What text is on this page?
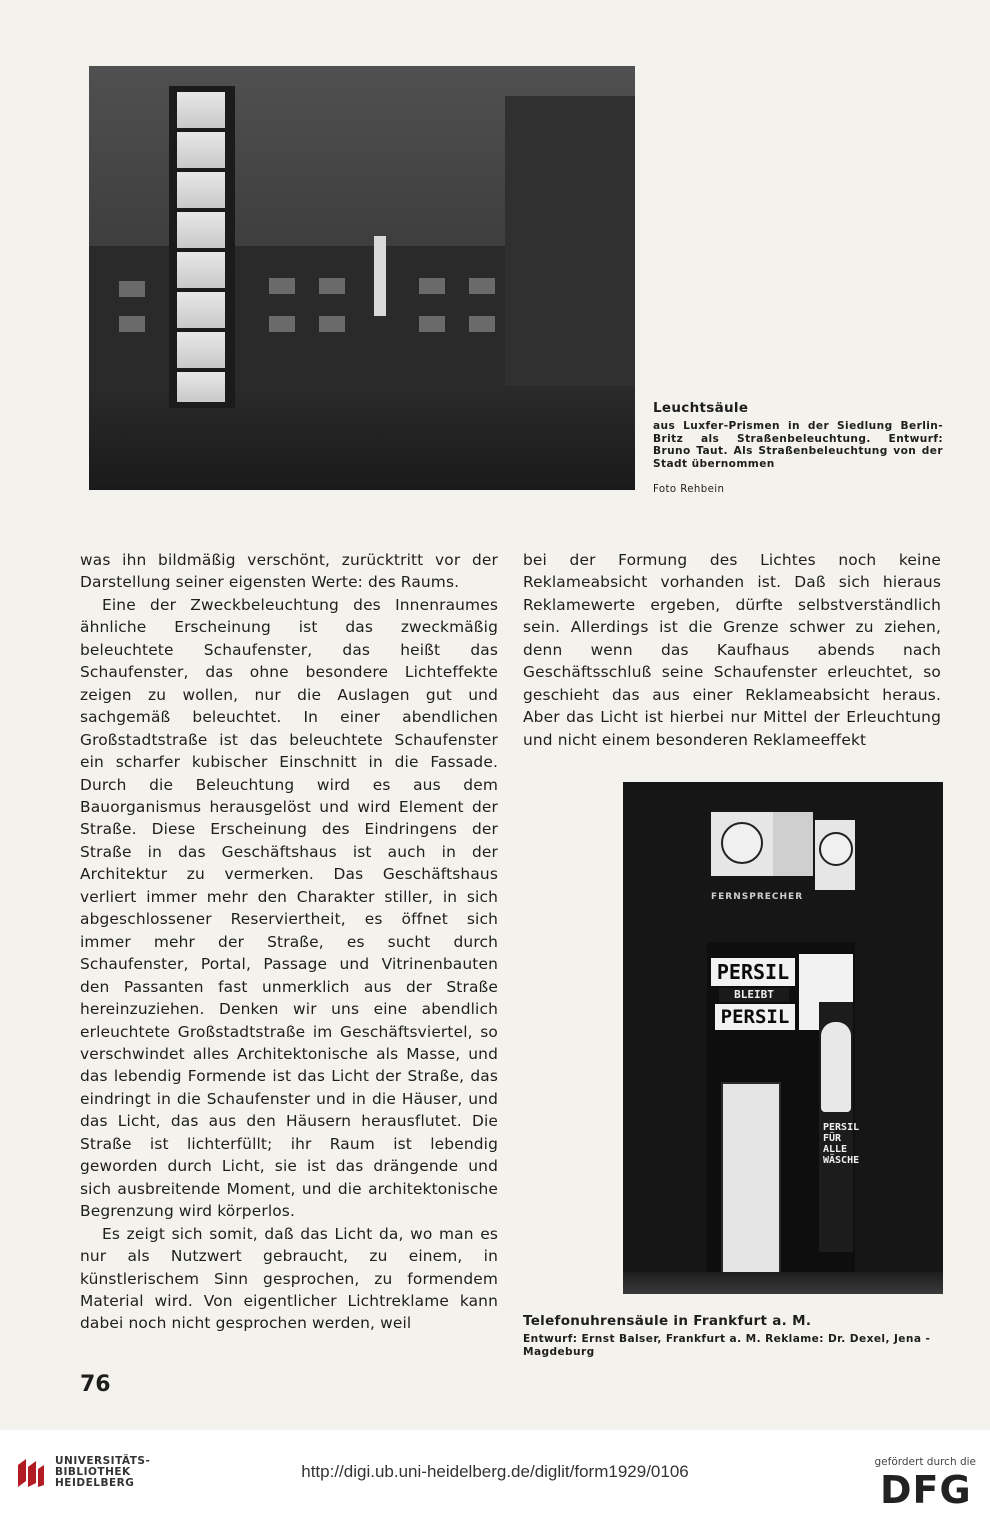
Leuchtsäule
aus Luxfer-Prismen in der Siedlung Berlin-Britz als Straßenbeleuchtung. Entwurf: Bruno Taut. Als Straßenbeleuchtung von der Stadt übernommen
Foto Rehbein

was ihn bildmäßig verschönt, zurücktritt vor der Darstellung seiner eigensten Werte: des Raums.

Eine der Zweckbeleuchtung des Innenraumes ähnliche Erscheinung ist das zweckmäßig beleuchtete Schaufenster, das heißt das Schaufenster, das ohne besondere Lichteffekte zeigen zu wollen, nur die Auslagen gut und sachgemäß beleuchtet. In einer abendlichen Großstadtstraße ist das beleuchtete Schaufenster ein scharfer kubischer Einschnitt in die Fassade. Durch die Beleuchtung wird es aus dem Bauorganismus herausgelöst und wird Element der Straße. Diese Erscheinung des Eindringens der Straße in das Geschäftshaus ist auch in der Architektur zu vermerken. Das Geschäftshaus verliert immer mehr den Charakter stiller, in sich abgeschlossener Reserviertheit, es öffnet sich immer mehr der Straße, es sucht durch Schaufenster, Portal, Passage und Vitrinenbauten den Passanten fast unmerklich aus der Straße hereinzuziehen. Denken wir uns eine abendlich erleuchtete Großstadtstraße im Geschäftsviertel, so verschwindet alles Architektonische als Masse, und das lebendig Formende ist das Licht der Straße, das eindringt in die Schaufenster und in die Häuser, und das Licht, das aus den Häusern herausflutet. Die Straße ist lichterfüllt; ihr Raum ist lebendig geworden durch Licht, sie ist das drängende und sich ausbreitende Moment, und die architektonische Begrenzung wird körperlos.

Es zeigt sich somit, daß das Licht da, wo man es nur als Nutzwert gebraucht, zu einem, in künstlerischem Sinn gesprochen, zu formendem Material wird. Von eigentlicher Lichtreklame kann dabei noch nicht gesprochen werden, weil

bei der Formung des Lichtes noch keine Reklameabsicht vorhanden ist. Daß sich hieraus Reklamewerte ergeben, dürfte selbstverständlich sein. Allerdings ist die Grenze schwer zu ziehen, denn wenn das Kaufhaus abends nach Geschäftsschluß seine Schaufenster erleuchtet, so geschieht das aus einer Reklameabsicht heraus. Aber das Licht ist hierbei nur Mittel der Erleuchtung und nicht einem besonderen Reklameeffekt

FERNSPRECHER
PERSIL
BLEIBT
PERSIL
PERSIL FÜR ALLE WÄSCHE
Telefonuhrensäule in Frankfurt a. M.
Entwurf: Ernst Balser, Frankfurt a. M. Reklame: Dr. Dexel, Jena - Magdeburg
76
UNIVERSITÄTS-
BIBLIOTHEK
HEIDELBERG
http://digi.ub.uni-heidelberg.de/diglit/form1929/0106	gefördert durch die
DFG
